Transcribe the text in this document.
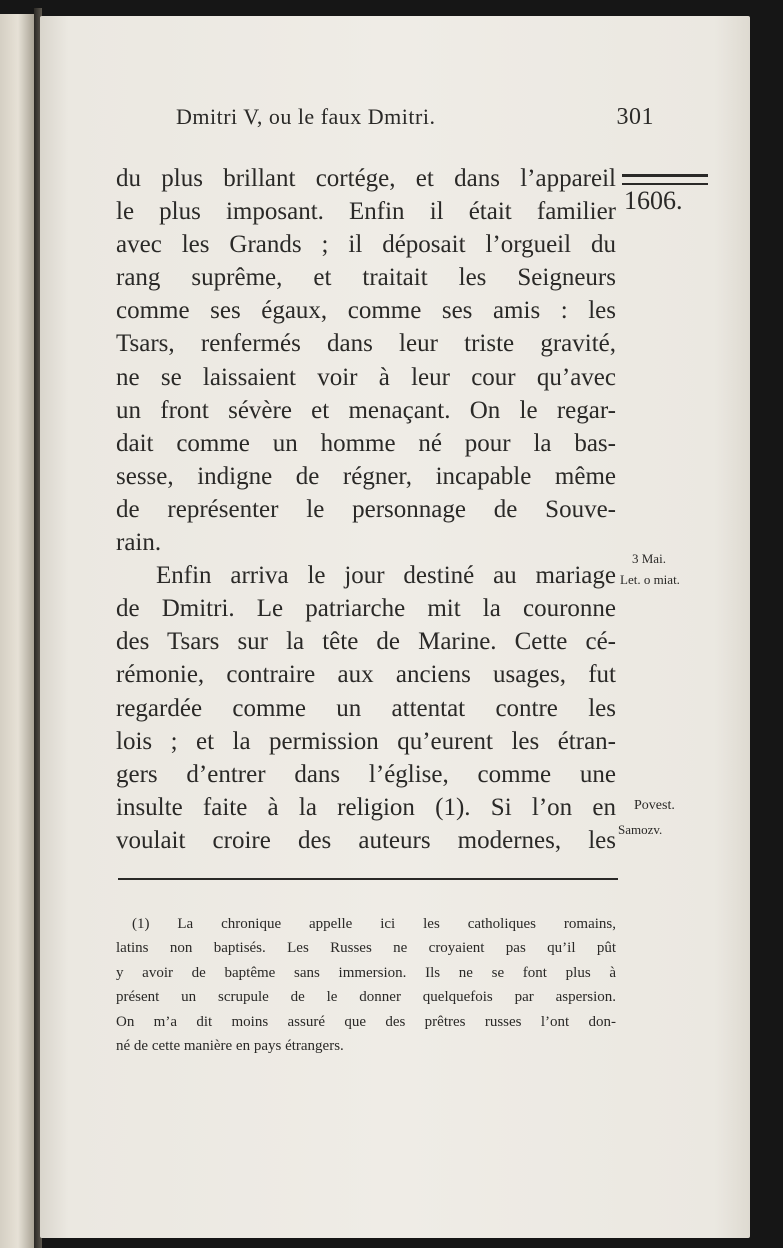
Dmitri V, ou le faux Dmitri.	301
du plus brillant cortége, et dans l’appareil
le plus imposant. Enfin il était familier
avec les Grands ; il déposait l’orgueil du
rang suprême, et traitait les Seigneurs
comme ses égaux, comme ses amis : les
Tsars, renfermés dans leur triste gravité,
ne se laissaient voir à leur cour qu’avec
un front sévère et menaçant. On le regar-
dait comme un homme né pour la bas-
sesse, indigne de régner, incapable même
de représenter le personnage de Souve-
rain.
Enfin arriva le jour destiné au mariage
de Dmitri. Le patriarche mit la couronne
des Tsars sur la tête de Marine. Cette cé-
rémonie, contraire aux anciens usages, fut
regardée comme un attentat contre les
lois ; et la permission qu’eurent les étran-
gers d’entrer dans l’église, comme une
insulte faite à la religion (1). Si l’on en
voulait croire des auteurs modernes, les
1606.
3 Mai.
Let. o miat.
Povest.
Samozv.
(1) La chronique appelle ici les catholiques romains,
latins non baptisés. Les Russes ne croyaient pas qu’il pût
y avoir de baptême sans immersion. Ils ne se font plus à
présent un scrupule de le donner quelquefois par aspersion.
On m’a dit moins assuré que des prêtres russes l’ont don-
né de cette manière en pays étrangers.
